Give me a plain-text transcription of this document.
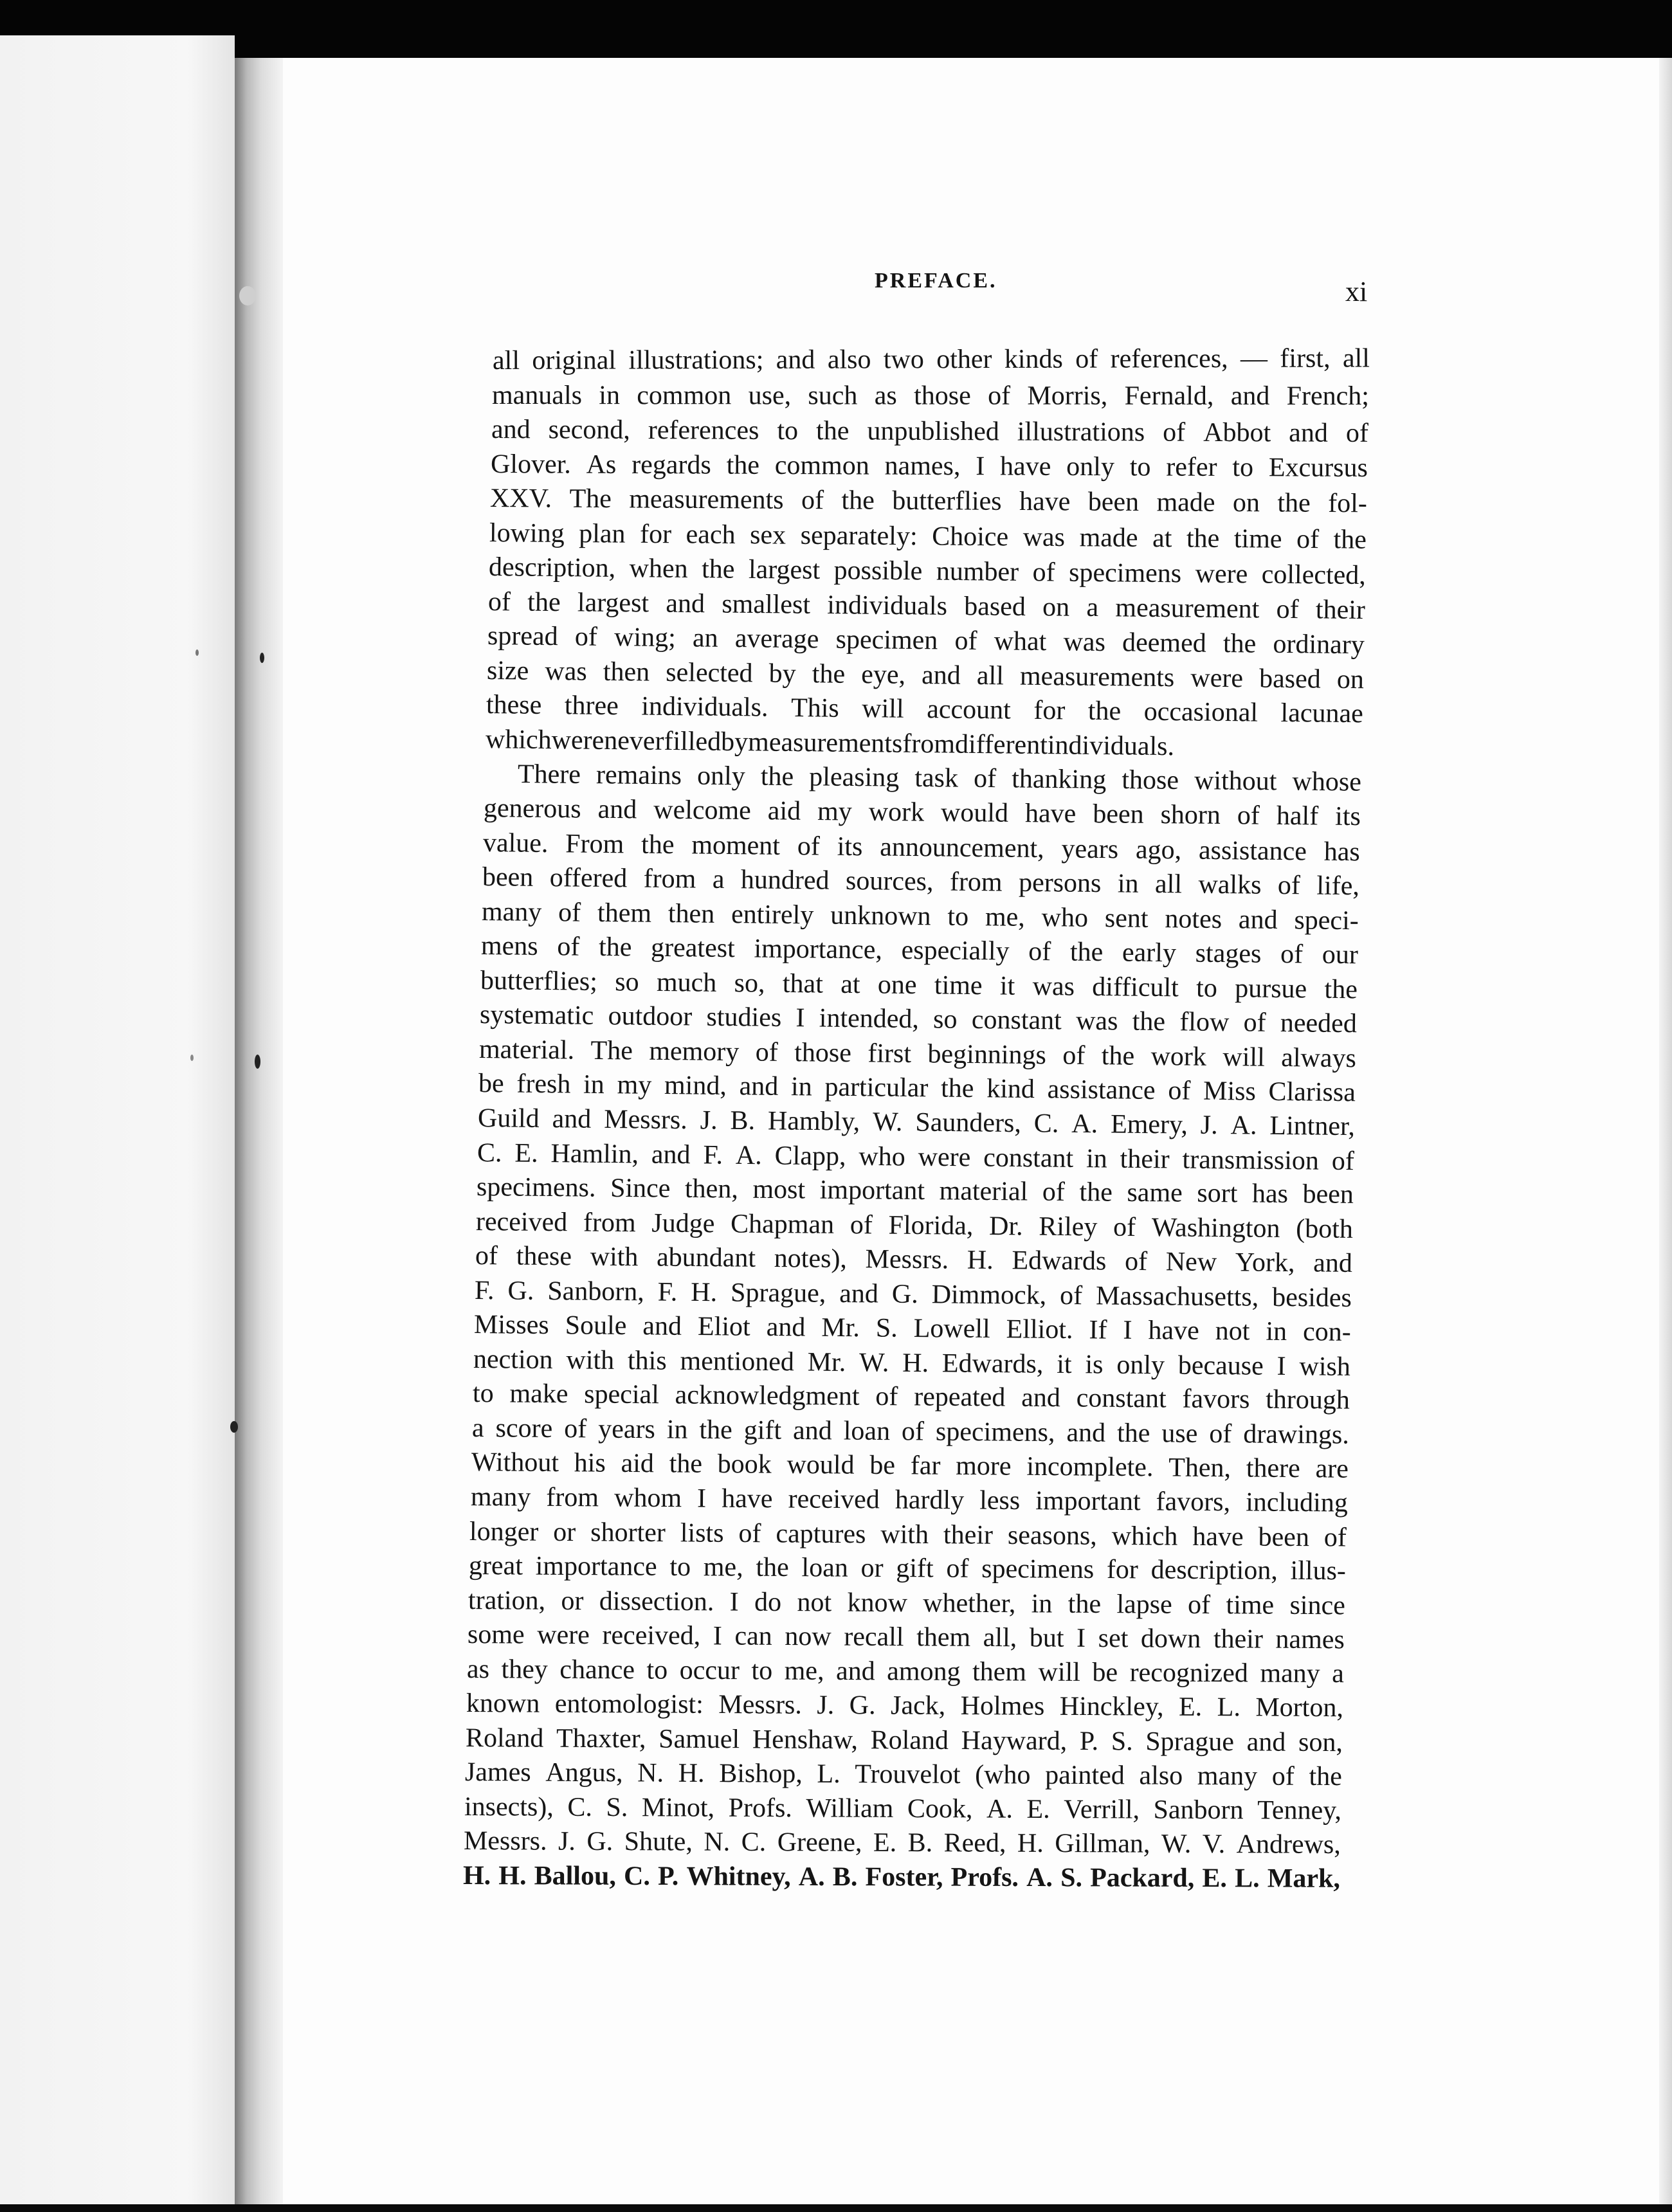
PREFACE.	xi
all original illustrations; and also two other kinds of references, — first, all
manuals in common use, such as those of Morris, Fernald, and French;
and second, references to the unpublished illustrations of Abbot and of
Glover. As regards the common names, I have only to refer to Excursus
XXV. The measurements of the butterflies have been made on the fol-
lowing plan for each sex separately: Choice was made at the time of the
description, when the largest possible number of specimens were collected,
of the largest and smallest individuals based on a measurement of their
spread of wing; an average specimen of what was deemed the ordinary
size was then selected by the eye, and all measurements were based on
these three individuals. This will account for the occasional lacunae
which were never filled by measurements from different individuals.
There remains only the pleasing task of thanking those without whose
generous and welcome aid my work would have been shorn of half its
value. From the moment of its announcement, years ago, assistance has
been offered from a hundred sources, from persons in all walks of life,
many of them then entirely unknown to me, who sent notes and speci-
mens of the greatest importance, especially of the early stages of our
butterflies; so much so, that at one time it was difficult to pursue the
systematic outdoor studies I intended, so constant was the flow of needed
material. The memory of those first beginnings of the work will always
be fresh in my mind, and in particular the kind assistance of Miss Clarissa
Guild and Messrs. J. B. Hambly, W. Saunders, C. A. Emery, J. A. Lintner,
C. E. Hamlin, and F. A. Clapp, who were constant in their transmission of
specimens. Since then, most important material of the same sort has been
received from Judge Chapman of Florida, Dr. Riley of Washington (both
of these with abundant notes), Messrs. H. Edwards of New York, and
F. G. Sanborn, F. H. Sprague, and G. Dimmock, of Massachusetts, besides
Misses Soule and Eliot and Mr. S. Lowell Elliot. If I have not in con-
nection with this mentioned Mr. W. H. Edwards, it is only because I wish
to make special acknowledgment of repeated and constant favors through
a score of years in the gift and loan of specimens, and the use of drawings.
Without his aid the book would be far more incomplete. Then, there are
many from whom I have received hardly less important favors, including
longer or shorter lists of captures with their seasons, which have been of
great importance to me, the loan or gift of specimens for description, illus-
tration, or dissection. I do not know whether, in the lapse of time since
some were received, I can now recall them all, but I set down their names
as they chance to occur to me, and among them will be recognized many a
known entomologist: Messrs. J. G. Jack, Holmes Hinckley, E. L. Morton,
Roland Thaxter, Samuel Henshaw, Roland Hayward, P. S. Sprague and son,
James Angus, N. H. Bishop, L. Trouvelot (who painted also many of the
insects), C. S. Minot, Profs. William Cook, A. E. Verrill, Sanborn Tenney,
Messrs. J. G. Shute, N. C. Greene, E. B. Reed, H. Gillman, W. V. Andrews,
H. H. Ballou, C. P. Whitney, A. B. Foster, Profs. A. S. Packard, E. L. Mark,
